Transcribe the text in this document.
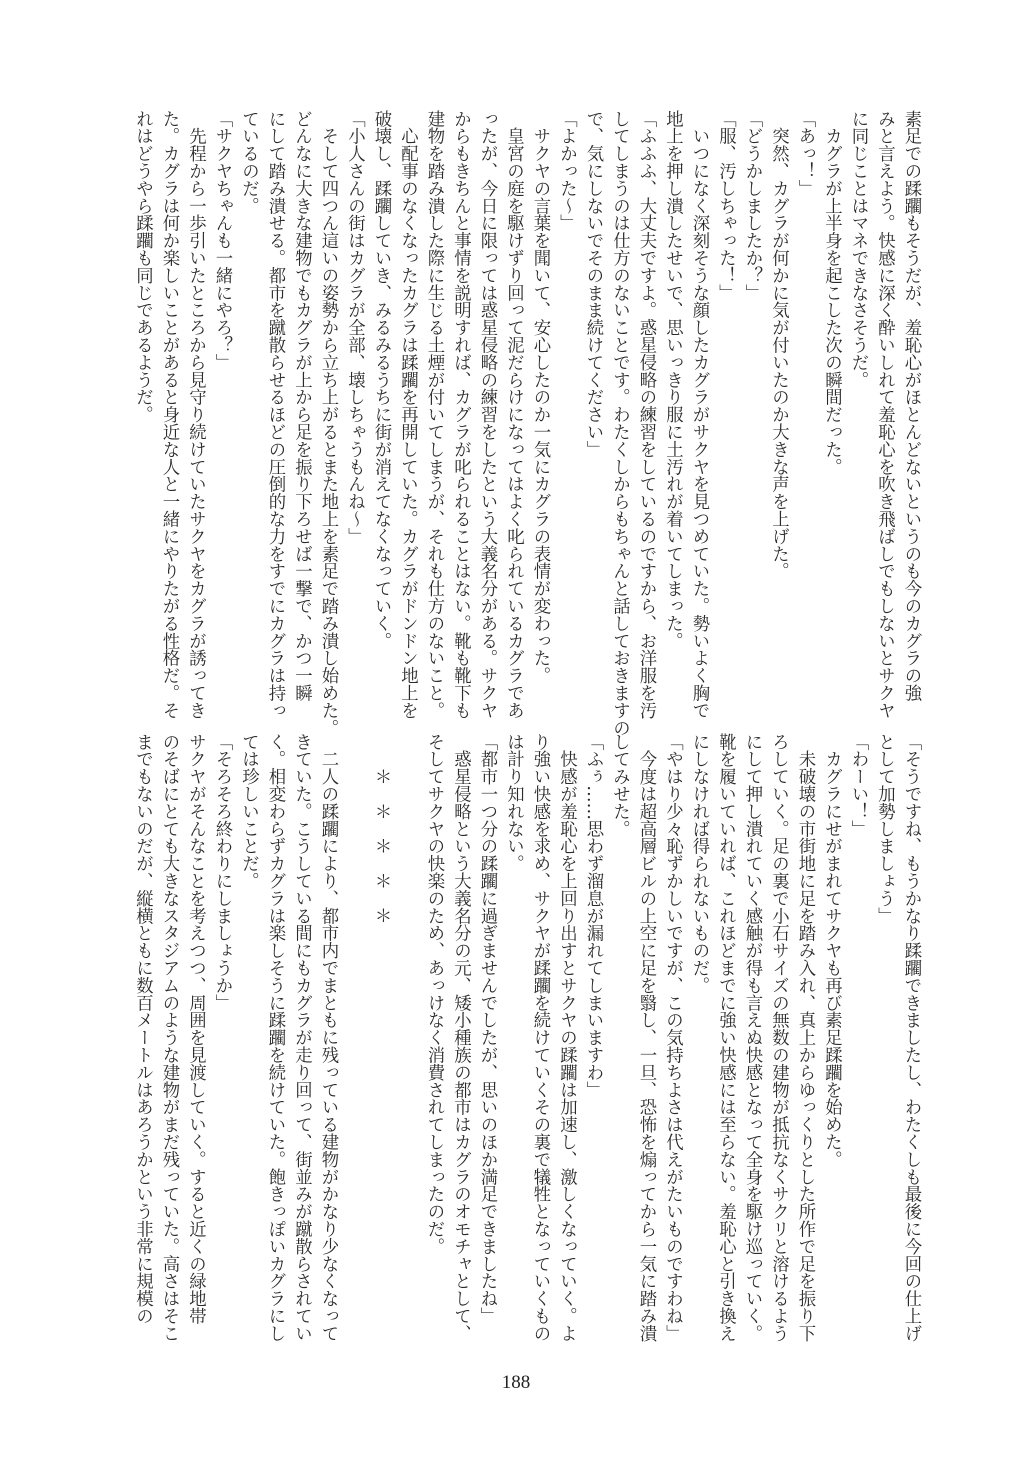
素足での蹂躙もそうだが、羞恥心がほとんどないというのも今のカグラの強
みと言えよう。快感に深く酔いしれて羞恥心を吹き飛ばしでもしないとサクヤ
に同じことはマネできなさそうだ。
　カグラが上半身を起こした次の瞬間だった。
「あっ！」
　突然、カグラが何かに気が付いたのか大きな声を上げた。
「どうかしましたか？」
「服、汚しちゃった！」
　いつになく深刻そうな顔したカグラがサクヤを見つめていた。勢いよく胸で
地上を押し潰したせいで、思いっきり服に土汚れが着いてしまった。
「ふふふ、大丈夫ですよ。惑星侵略の練習をしているのですから、お洋服を汚
してしまうのは仕方のないことです。わたくしからもちゃんと話しておきますの
で、気にしないでそのまま続けてください」
「よかった〜」
　サクヤの言葉を聞いて、安心したのか一気にカグラの表情が変わった。
　皇宮の庭を駆けずり回って泥だらけになってはよく叱られているカグラであ
ったが、今日に限っては惑星侵略の練習をしたという大義名分がある。サクヤ
からもきちんと事情を説明すれば、カグラが叱られることはない。靴も靴下も
建物を踏み潰した際に生じる土煙が付いてしまうが、それも仕方のないこと。
　心配事のなくなったカグラは蹂躙を再開していた。カグラがドンドン地上を
破壊し、蹂躙していき、みるみるうちに街が消えてなくなっていく。
「小人さんの街はカグラが全部、壊しちゃうもんね〜」
　そして四つん這いの姿勢から立ち上がるとまた地上を素足で踏み潰し始めた。
どんなに大きな建物でもカグラが上から足を振り下ろせば一撃で、かつ一瞬
にして踏み潰せる。都市を蹴散らせるほどの圧倒的な力をすでにカグラは持っ
ているのだ。
「サクヤちゃんも一緒にやろ？」
　先程から一歩引いたところから見守り続けていたサクヤをカグラが誘ってき
た。カグラは何か楽しいことがあると身近な人と一緒にやりたがる性格だ。そ
れはどうやら蹂躙も同じであるようだ。
「そうですね、もうかなり蹂躙できましたし、わたくしも最後に今回の仕上げ
として加勢しましょう」
「わーい！」
　カグラにせがまれてサクヤも再び素足蹂躙を始めた。
　未破壊の市街地に足を踏み入れ、真上からゆっくりとした所作で足を振り下
ろしていく。足の裏で小石サイズの無数の建物が抵抗なくサクリと溶けるよう
にして押し潰れていく感触が得も言えぬ快感となって全身を駆け巡っていく。
靴を履いていれば、これほどまでに強い快感には至らない。羞恥心と引き換え
にしなければ得られないものだ。
「やはり少々恥ずかしいですが、この気持ちよさは代えがたいものですわね」
　今度は超高層ビルの上空に足を翳し、一旦、恐怖を煽ってから一気に踏み潰
してみせた。
「ふぅ……思わず溜息が漏れてしまいますわ」
　快感が羞恥心を上回り出すとサクヤの蹂躙は加速し、激しくなっていく。よ
り強い快感を求め、サクヤが蹂躙を続けていくその裏で犠牲となっていくもの
は計り知れない。
「都市一つ分の蹂躙に過ぎませんでしたが、思いのほか満足できましたね」
　惑星侵略という大義名分の元、矮小種族の都市はカグラのオモチャとして、
そしてサクヤの快楽のため、あっけなく消費されてしまったのだ。

　　＊　＊　＊　＊　＊

　二人の蹂躙により、都市内でまともに残っている建物がかなり少なくなって
きていた。こうしている間にもカグラが走り回って、街並みが蹴散らされてい
く。相変わらずカグラは楽しそうに蹂躙を続けていた。飽きっぽいカグラにし
ては珍しいことだ。
「そろそろ終わりにしましょうか」
サクヤがそんなことを考えつつ、周囲を見渡していく。すると近くの緑地帯
のそばにとても大きなスタジアムのような建物がまだ残っていた。高さはそこ
までもないのだが、縦横ともに数百メートルはあろうかという非常に規模の
188
